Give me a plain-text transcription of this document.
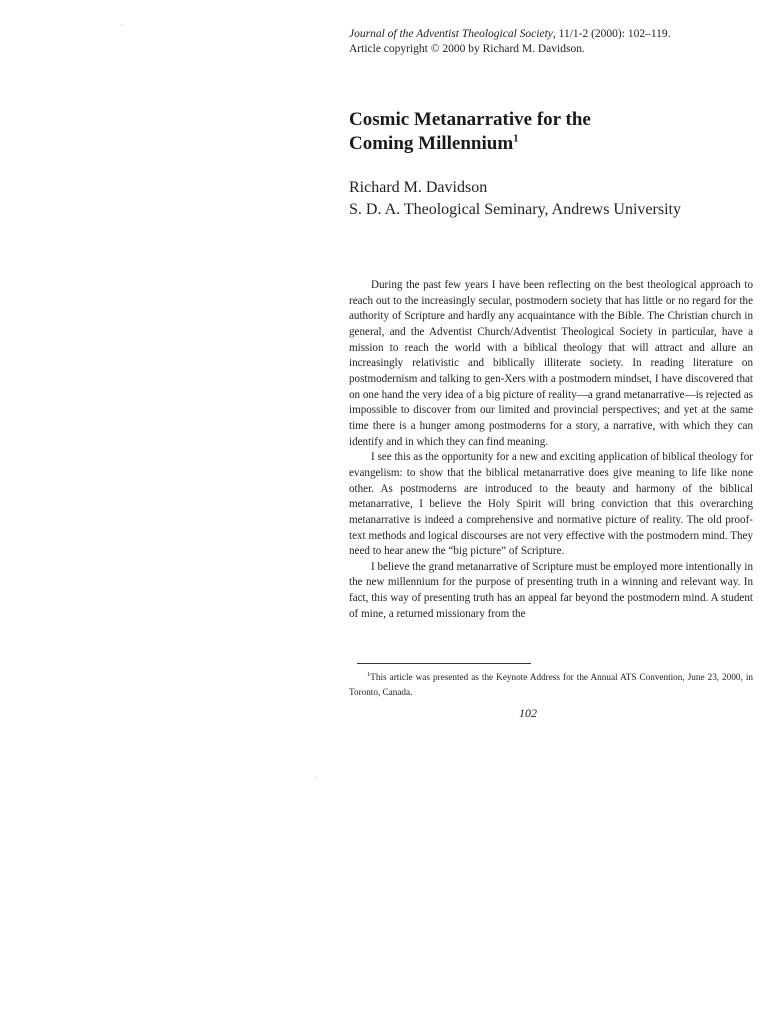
Journal of the Adventist Theological Society, 11/1-2 (2000): 102–119.
Article copyright © 2000 by Richard M. Davidson.
Cosmic Metanarrative for the
Coming Millennium$^1$
Richard M. Davidson
S. D. A. Theological Seminary, Andrews University

During the past few years I have been reflecting on the best theological approach to reach out to the increasingly secular, postmodern society that has little or no regard for the authority of Scripture and hardly any acquaintance with the Bible. The Christian church in general, and the Adventist Church/Adventist Theological Society in particular, have a mission to reach the world with a biblical theology that will attract and allure an increasingly relativistic and biblically illiterate society. In reading literature on postmodernism and talking to gen-Xers with a postmodern mindset, I have discovered that on one hand the very idea of a big picture of reality—a grand metanarrative—is rejected as impossible to discover from our limited and provincial perspectives; and yet at the same time there is a hunger among postmoderns for a story, a narrative, with which they can identify and in which they can find meaning.

I see this as the opportunity for a new and exciting application of biblical theology for evangelism: to show that the biblical metanarrative does give meaning to life like none other. As postmoderns are introduced to the beauty and harmony of the biblical metanarrative, I believe the Holy Spirit will bring conviction that this overarching metanarrative is indeed a comprehensive and normative picture of reality. The old proof-text methods and logical discourses are not very effective with the postmodern mind. They need to hear anew the “big picture” of Scripture.

I believe the grand metanarrative of Scripture must be employed more intentionally in the new millennium for the purpose of presenting truth in a winning and relevant way. In fact, this way of presenting truth has an appeal far beyond the postmodern mind. A student of mine, a returned missionary from the

$^1$This article was presented as the Keynote Address for the Annual ATS Convention, June 23, 2000, in Toronto, Canada.
102
